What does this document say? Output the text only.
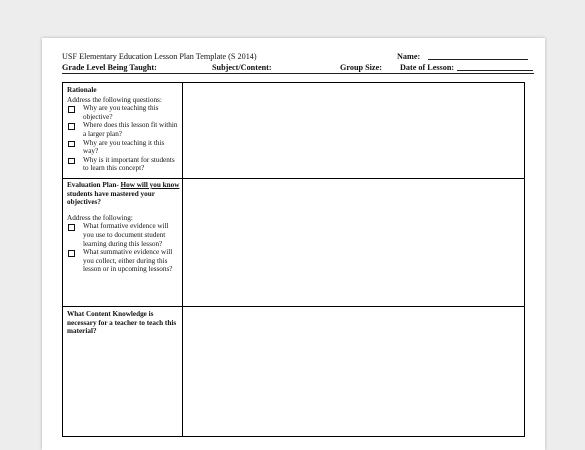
USF Elementary Education Lesson Plan Template (S 2014)	Name:
Grade Level Being Taught:	Subject/Content:	Group Size: Date of Lesson:
Rationale
Address the following questions:
Why are you teaching this objective?
Where does this lesson fit within a larger plan?
Why are you teaching it this way?
Why is it important for students to learn this concept?
Evaluation Plan- How will you know students have mastered your objectives?
Address the following:
What formative evidence will you use to document student learning during this lesson?
What summative evidence will you collect, either during this lesson or in upcoming lessons?
What Content Knowledge is necessary for a teacher to teach this material?
